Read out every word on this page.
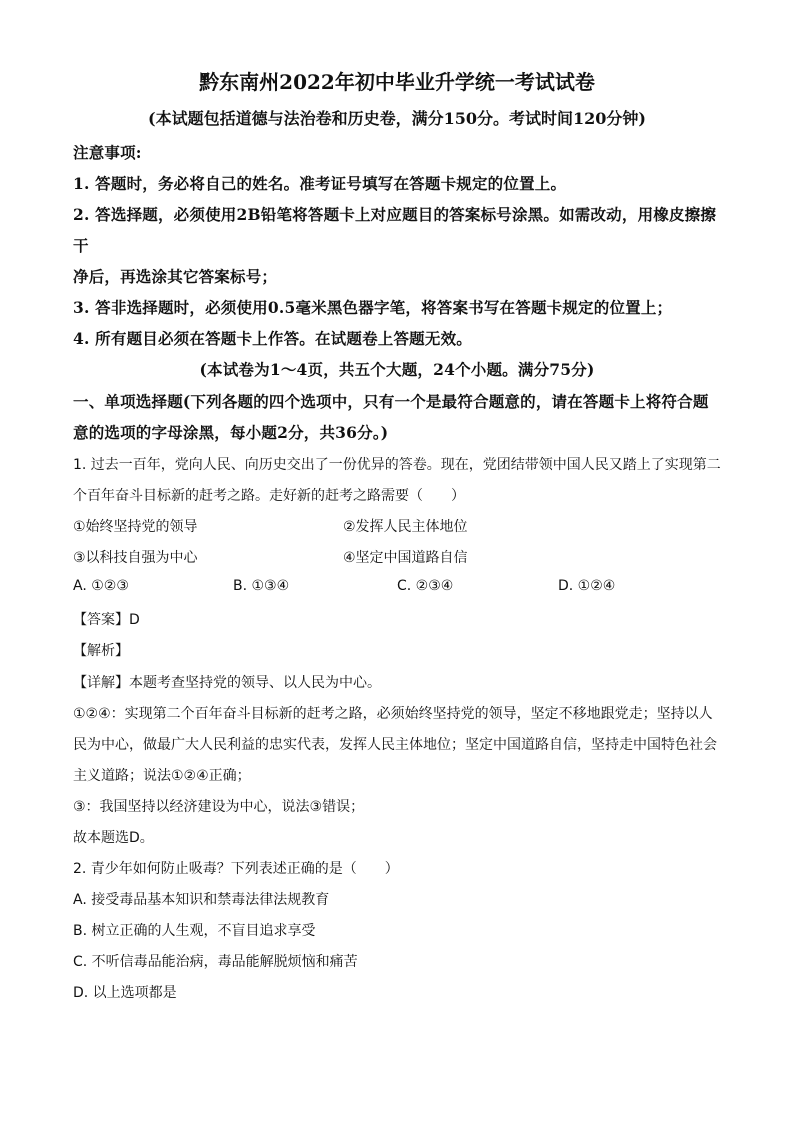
黔东南州2022年初中毕业升学统一考试试卷
(本试题包括道德与法治卷和历史卷，满分150分。考试时间120分钟)
注意事项:
1. 答题时，务必将自己的姓名。准考证号填写在答题卡规定的位置上。
2. 答选择题，必须使用2B铅笔将答题卡上对应题目的答案标号涂黑。如需改动，用橡皮擦擦
干
净后，再选涂其它答案标号；
3. 答非选择题时，必须使用0.5毫米黑色器字笔，将答案书写在答题卡规定的位置上；
4. 所有题目必须在答题卡上作答。在试题卷上答题无效。
(本试卷为1～4页，共五个大题，24个小题。满分75分)
一、单项选择题(下列各题的四个选项中，只有一个是最符合题意的，请在答题卡上将符合题
意的选项的字母涂黑，每小题2分，共36分。)
1. 过去一百年，党向人民、向历史交出了一份优异的答卷。现在，党团结带领中国人民又踏上了实现第二
个百年奋斗目标新的赶考之路。走好新的赶考之路需要（　　）
①始终坚持党的领导	②发挥人民主体地位
③以科技自强为中心	④坚定中国道路自信
A. ①②③	B. ①③④	C. ②③④	D. ①②④
【答案】D
【解析】
【详解】本题考查坚持党的领导、以人民为中心。
①②④：实现第二个百年奋斗目标新的赶考之路，必须始终坚持党的领导，坚定不移地跟党走；坚持以人
民为中心，做最广大人民利益的忠实代表，发挥人民主体地位；坚定中国道路自信，坚持走中国特色社会
主义道路；说法①②④正确；
③：我国坚持以经济建设为中心，说法③错误；
故本题选D。
2. 青少年如何防止吸毒？下列表述正确的是（　　）
A. 接受毒品基本知识和禁毒法律法规教育
B. 树立正确的人生观，不盲目追求享受
C. 不听信毒品能治病，毒品能解脱烦恼和痛苦
D. 以上选项都是
